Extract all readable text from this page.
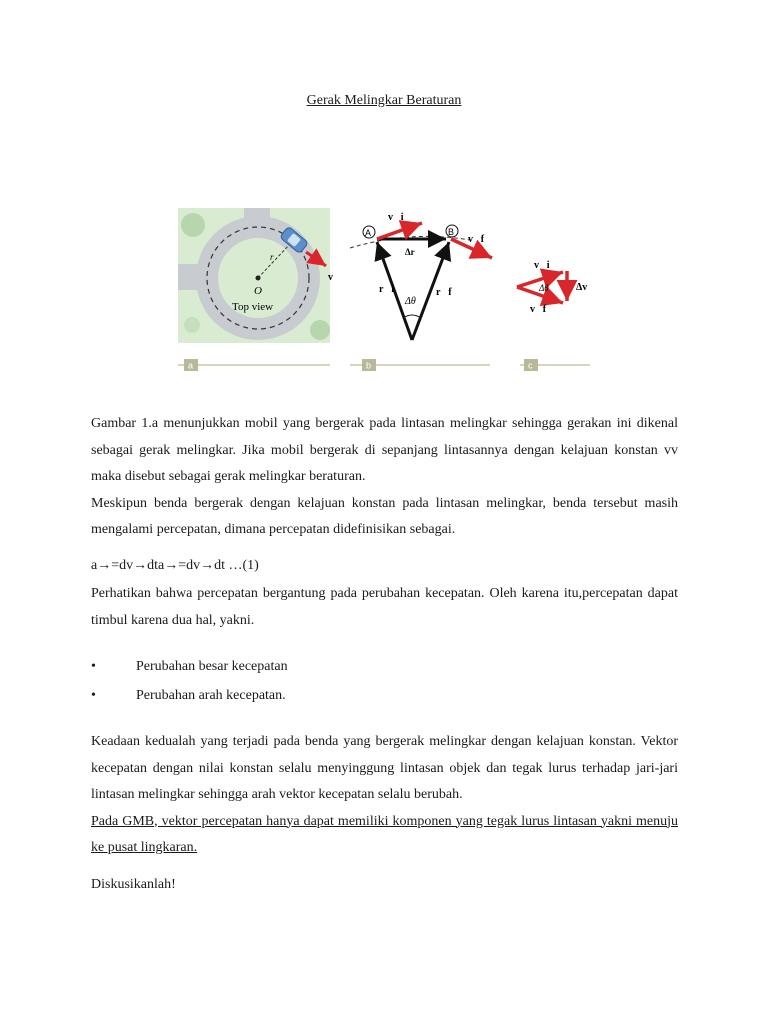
Gerak Melingkar Beraturan
O
Top view
r
v⃗
a
A	B
v⃗i
v⃗f
Δr⃗
r⃗i	r⃗f
Δθ
b
v⃗i
v⃗f
Δθ	Δv⃗
c

Gambar 1.a menunjukkan mobil yang bergerak pada lintasan melingkar sehingga gerakan ini dikenal sebagai gerak melingkar. Jika mobil bergerak di sepanjang lintasannya dengan kelajuan konstan vv maka disebut sebagai gerak melingkar beraturan.

Meskipun benda bergerak dengan kelajuan konstan pada lintasan melingkar, benda tersebut masih mengalami percepatan, dimana percepatan didefinisikan sebagai.

a→=dv→dta→=dv→dt …(1)
Perhatikan bahwa percepatan bergantung pada perubahan kecepatan. Oleh karena itu,percepatan dapat timbul karena dua hal, yakni.
•	Perubahan besar kecepatan
•	Perubahan arah kecepatan.

Keadaan kedualah yang terjadi pada benda yang bergerak melingkar dengan kelajuan konstan. Vektor kecepatan dengan nilai konstan selalu menyinggung lintasan objek dan tegak lurus terhadap jari-jari lintasan melingkar sehingga arah vektor kecepatan selalu berubah.

Pada GMB, vektor percepatan hanya dapat memiliki komponen yang tegak lurus lintasan yakni menuju ke pusat lingkaran.

Diskusikanlah!
